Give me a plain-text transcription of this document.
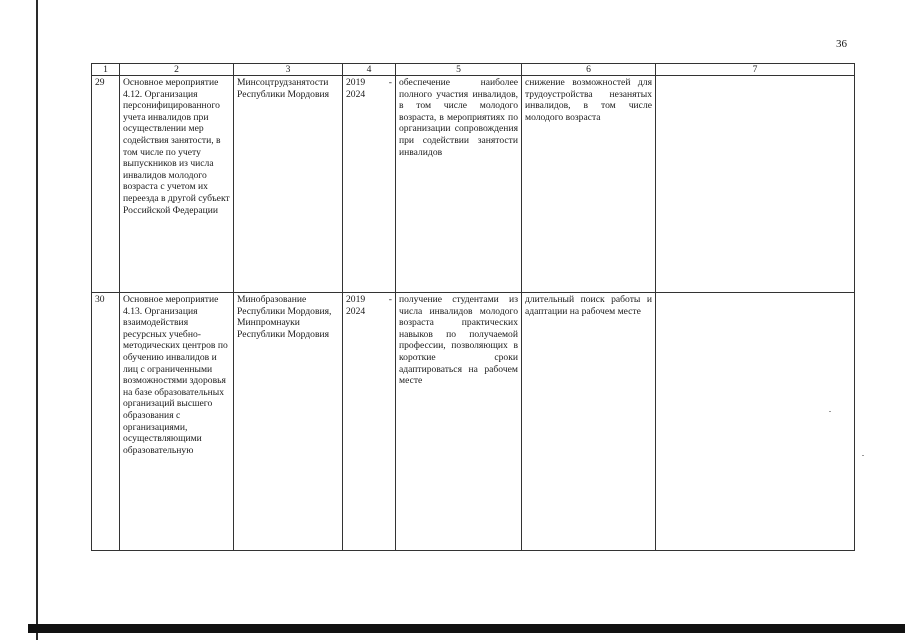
36
1	2	3	4	5	6	7
29	Основное мероприятие 4.12. Организация персонифицированного учета инвалидов при осуществлении мер содействия занятости, в том числе по учету выпускников из числа инвалидов молодого возраста с учетом их переезда в другой субъект Российской Федерации	Минсоцтрудзанятости Республики Мордовия	2019 - 2024	обеспечение наиболее полного участия инвалидов, в том числе молодого возраста, в мероприятиях по организации сопровождения при содействии занятости инвалидов	снижение возможностей для трудоустройства незанятых инвалидов, в том числе молодого возраста	
30	Основное мероприятие 4.13. Организация взаимодействия ресурсных учебно-методических центров по обучению инвалидов и лиц с ограниченными возможностями здоровья на базе образовательных организаций высшего образования с организациями, осуществляющими образовательную	Минобразование Республики Мордовия, Минпромнауки Республики Мордовия	2019 - 2024	получение студентами из числа инвалидов молодого возраста практических навыков по получаемой профессии, позволяющих в короткие сроки адаптироваться на рабочем месте	длительный поиск работы и адаптации на рабочем месте	
